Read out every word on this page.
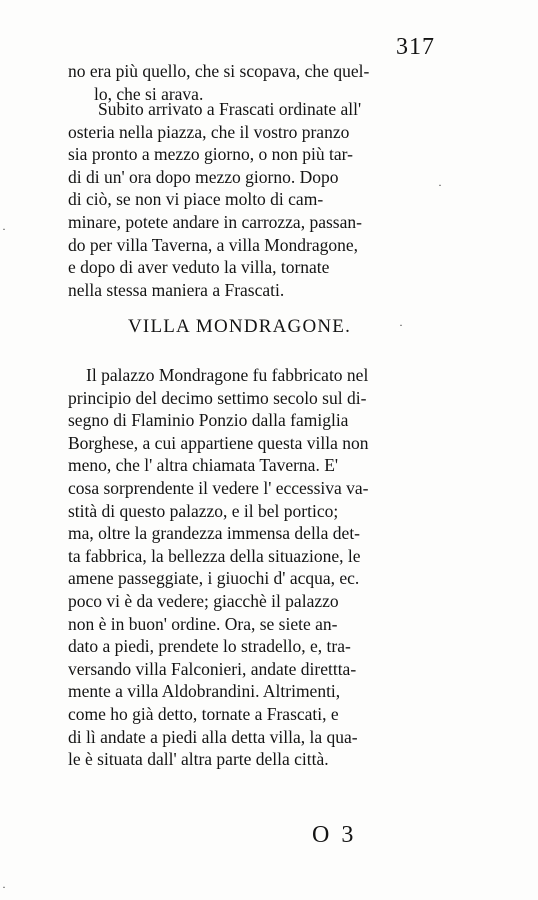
317
no era più quello, che si scopava, che quel-
lo, che si arava.
Subito arrivato a Frascati ordinate all'
osteria nella piazza, che il vostro pranzo
sia pronto a mezzo giorno, o non più tar-
di di un' ora dopo mezzo giorno. Dopo
di ciò, se non vi piace molto di cam-
minare, potete andare in carrozza, passan-
do per villa Taverna, a villa Mondragone,
e dopo di aver veduto la villa, tornate
nella stessa maniera a Frascati.
VILLA MONDRAGONE.
Il palazzo Mondragone fu fabbricato nel
principio del decimo settimo secolo sul di-
segno di Flaminio Ponzio dalla famiglia
Borghese, a cui appartiene questa villa non
meno, che l' altra chiamata Taverna. E'
cosa sorprendente il vedere l' eccessiva va-
stità di questo palazzo, e il bel portico;
ma, oltre la grandezza immensa della det-
ta fabbrica, la bellezza della situazione, le
amene passeggiate, i giuochi d' acqua, ec.
poco vi è da vedere; giacchè il palazzo
non è in buon' ordine. Ora, se siete an-
dato a piedi, prendete lo stradello, e, tra-
versando villa Falconieri, andate direttta-
mente a villa Aldobrandini. Altrimenti,
come ho già detto, tornate a Frascati, e
di lì andate a piedi alla detta villa, la qua-
le è situata dall' altra parte della città.
O 3
·
·
·
·
